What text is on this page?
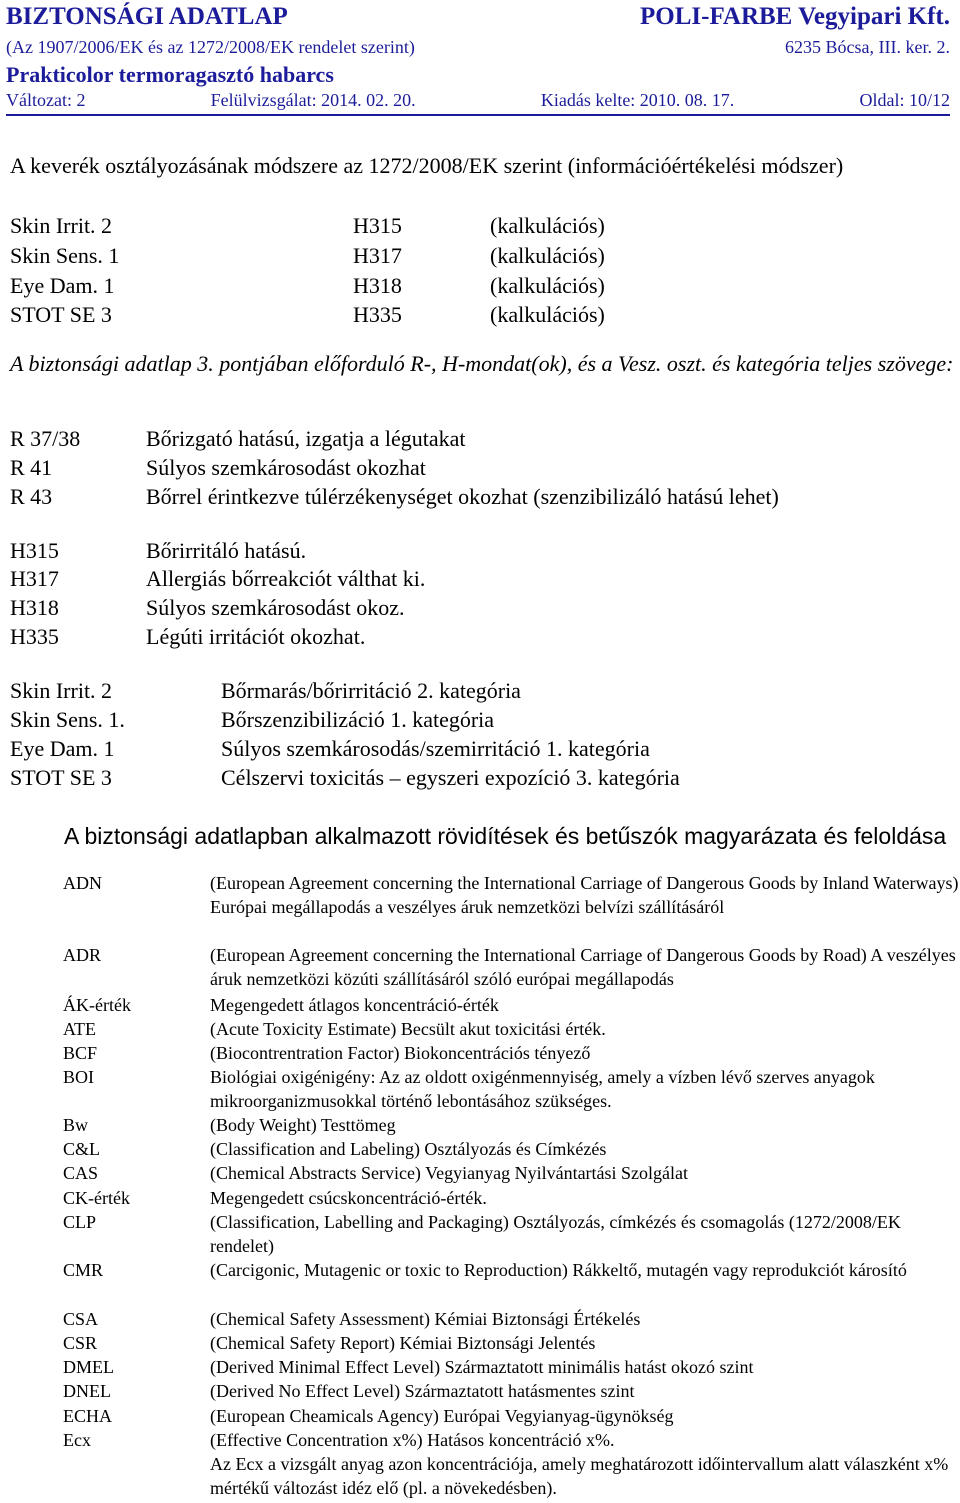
BIZTONSÁGI ADATLAP	POLI-FARBE Vegyipari Kft.
(Az 1907/2006/EK és az 1272/2008/EK rendelet szerint)	6235 Bócsa, III. ker. 2.
Prakticolor termoragasztó habarcs
Változat: 2	Felülvizsgálat: 2014. 02. 20.	Kiadás kelte: 2010. 08. 17.	Oldal: 10/12
A keverék osztályozásának módszere az 1272/2008/EK szerint (információértékelési módszer)
Skin Irrit. 2	H315	(kalkulációs)
Skin Sens. 1	H317	(kalkulációs)
Eye Dam. 1	H318	(kalkulációs)
STOT SE 3	H335	(kalkulációs)
A biztonsági adatlap 3. pontjában előforduló R-, H-mondat(ok), és a Vesz. oszt. és kategória teljes szövege:
R 37/38	Bőrizgató hatású, izgatja a légutakat
R 41	Súlyos szemkárosodást okozhat
R 43	Bőrrel érintkezve túlérzékenységet okozhat (szenzibilizáló hatású lehet)
H315	Bőrirritáló hatású.
H317	Allergiás bőrreakciót válthat ki.
H318	Súlyos szemkárosodást okoz.
H335	Légúti irritációt okozhat.
Skin Irrit. 2	Bőrmarás/bőrirritáció 2. kategória
Skin Sens. 1.	Bőrszenzibilizáció 1. kategória
Eye Dam. 1	Súlyos szemkárosodás/szemirritáció 1. kategória
STOT SE 3	Célszervi toxicitás – egyszeri expozíció 3. kategória
A biztonsági adatlapban alkalmazott rövidítések és betűszók magyarázata és feloldása
ADN	(European Agreement concerning the International Carriage of Dangerous Goods by Inland Waterways) Európai megállapodás a veszélyes áruk nemzetközi belvízi szállításáról
ADR	(European Agreement concerning the International Carriage of Dangerous Goods by Road) A veszélyes áruk nemzetközi közúti szállításáról szóló európai megállapodás
ÁK-érték	Megengedett átlagos koncentráció-érték
ATE	(Acute Toxicity Estimate) Becsült akut toxicitási érték.
BCF	(Biocontrentration Factor) Biokoncentrációs tényező
BOI	Biológiai oxigénigény: Az az oldott oxigénmennyiség, amely a vízben lévő szerves anyagok mikroorganizmusokkal történő lebontásához szükséges.
Bw	(Body Weight) Testtömeg
C&L	(Classification and Labeling) Osztályozás és Címkézés
CAS	(Chemical Abstracts Service) Vegyianyag Nyilvántartási Szolgálat
CK-érték	Megengedett csúcskoncentráció-érték.
CLP	(Classification, Labelling and Packaging) Osztályozás, címkézés és csomagolás (1272/2008/EK rendelet)
CMR	(Carcigonic, Mutagenic or toxic to Reproduction) Rákkeltő, mutagén vagy reprodukciót károsító
CSA	(Chemical Safety Assessment) Kémiai Biztonsági Értékelés
CSR	(Chemical Safety Report) Kémiai Biztonsági Jelentés
DMEL	(Derived Minimal Effect Level) Származtatott minimális hatást okozó szint
DNEL	(Derived No Effect Level) Származtatott hatásmentes szint
ECHA	(European Cheamicals Agency) Európai Vegyianyag-ügynökség
Ecx	(Effective Concentration x%) Hatásos koncentráció x%.
Az Ecx a vizsgált anyag azon koncentrációja, amely meghatározott időintervallum alatt válaszként x% mértékű változást idéz elő (pl. a növekedésben).
